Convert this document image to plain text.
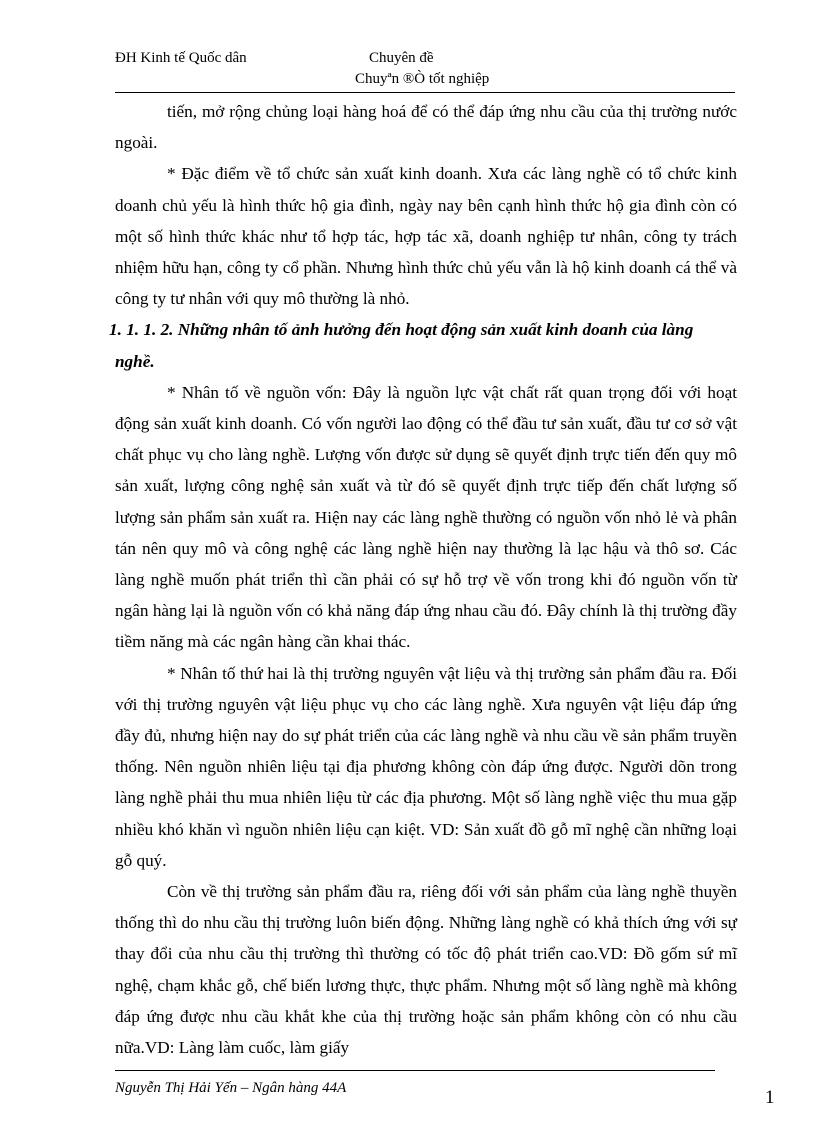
ĐH Kinh tế Quốc dân	Chuyên đề
Chuyªn ®Ò tốt nghiệp

tiến, mở rộng chủng loại hàng hoá để có thể đáp ứng nhu cầu của thị trường nước ngoài.

* Đặc điểm về tổ chức sản xuất kinh doanh. Xưa các làng nghề có tổ chức kinh doanh chủ yếu là hình thức hộ gia đình, ngày nay bên cạnh hình thức hộ gia đình còn có một số hình thức khác như tổ hợp tác, hợp tác xã, doanh nghiệp tư nhân, công ty trách nhiệm hữu hạn, công ty cổ phần. Nhưng hình thức chủ yếu vẫn là hộ kinh doanh cá thể và công ty tư nhân với quy mô thường là nhỏ.

1. 1. 1. 2. Những nhân tố ảnh hưởng đến hoạt động sản xuất kinh doanh của làng nghề.

* Nhân tố về nguồn vốn: Đây là nguồn lực vật chất rất quan trọng đối với hoạt động sản xuất kinh doanh. Có vốn người lao động có thể đầu tư sản xuất, đầu tư cơ sở vật chất phục vụ cho làng nghề. Lượng vốn được sử dụng sẽ quyết định trực tiến đến quy mô sản xuất, lượng công nghệ sản xuất và từ đó sẽ quyết định trực tiếp đến chất lượng số lượng sản phẩm sản xuất ra. Hiện nay các làng nghề thường có nguồn vốn nhỏ lẻ và phân tán nên quy mô và công nghệ các làng nghề hiện nay thường là lạc hậu và thô sơ. Các làng nghề muốn phát triển thì cần phải có sự hỗ trợ về vốn trong khi đó nguồn vốn từ ngân hàng lại là nguồn vốn có khả năng đáp ứng nhau cầu đó. Đây chính là thị trường đầy tiềm năng mà các ngân hàng cần khai thác.

* Nhân tố thứ hai là thị trường nguyên vật liệu và thị trường sản phẩm đầu ra. Đối với thị trường nguyên vật liệu phục vụ cho các làng nghề. Xưa nguyên vật liệu đáp ứng đầy đủ, nhưng hiện nay do sự phát triển của các làng nghề và nhu cầu về sản phẩm truyền thống. Nên nguồn nhiên liệu tại địa phương không còn đáp ứng được. Người dõn trong làng nghề phải thu mua nhiên liệu từ các địa phương. Một số làng nghề việc thu mua gặp nhiều khó khăn vì nguồn nhiên liệu cạn kiệt. VD: Sản xuất đồ gỗ mĩ nghệ cần những loại gỗ quý.

Còn về thị trường sản phẩm đầu ra, riêng đối với sản phẩm của làng nghề thuyền thống thì do nhu cầu thị trường luôn biến động. Những làng nghề có khả thích ứng với sự thay đổi của nhu cầu thị trường thì thường có tốc độ phát triển cao.VD: Đồ gốm sứ mĩ nghệ, chạm khắc gỗ, chế biến lương thực, thực phẩm. Nhưng một số làng nghề mà không đáp ứng được nhu cầu khắt khe của thị trường hoặc sản phẩm không còn có nhu cầu nữa.VD: Làng làm cuốc, làm giấy

Nguyễn Thị Hải Yến – Ngân hàng 44A	1
